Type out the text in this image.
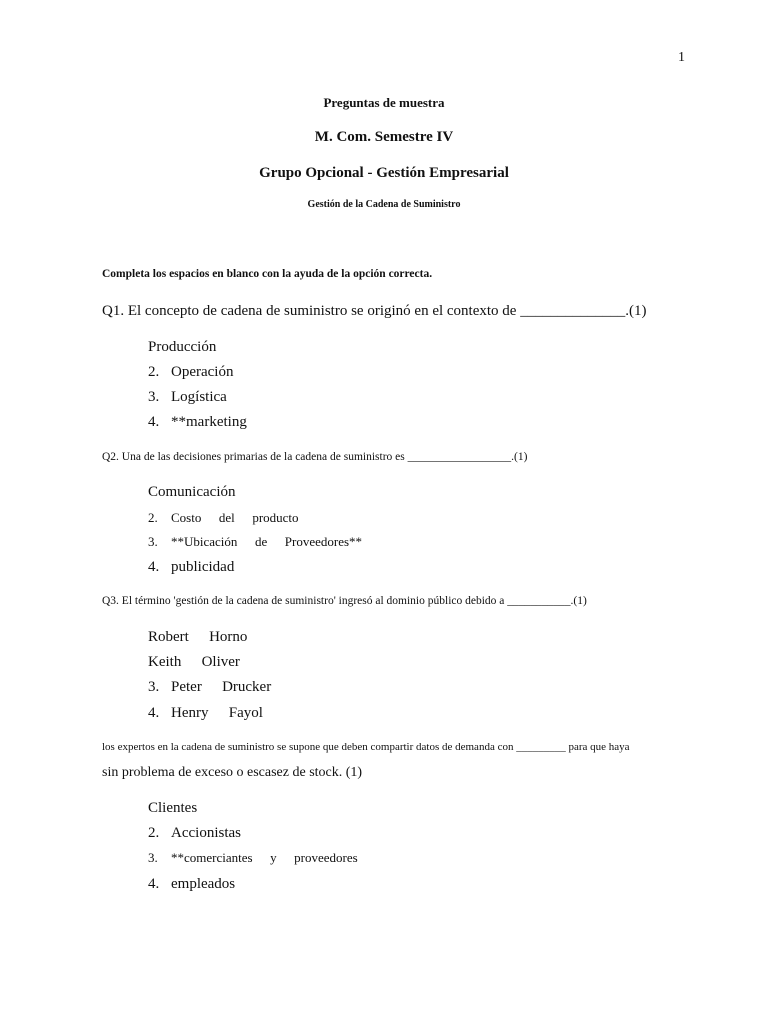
1
Preguntas de muestra
M. Com. Semestre IV
Grupo Opcional - Gestión Empresarial
Gestión de la Cadena de Suministro
Completa los espacios en blanco con la ayuda de la opción correcta.
Q1. El concepto de cadena de suministro se originó en el contexto de ______________.(1)
Producción
2. Operación
3. Logística
4. **marketing
Q2. Una de las decisiones primarias de la cadena de suministro es __________________.(1)
Comunicación
2. Costo   del   producto
3. **Ubicación   de   Proveedores**
4. publicidad
Q3. El término 'gestión de la cadena de suministro' ingresó al dominio público debido a ___________.(1)
Robert   Horno
Keith   Oliver
3. Peter   Drucker
4. Henry   Fayol
los expertos en la cadena de suministro se supone que deben compartir datos de demanda con _________ para que haya
sin problema de exceso o escasez de stock. (1)
Clientes
2. Accionistas
3. **comerciantes   y   proveedores
4. empleados
